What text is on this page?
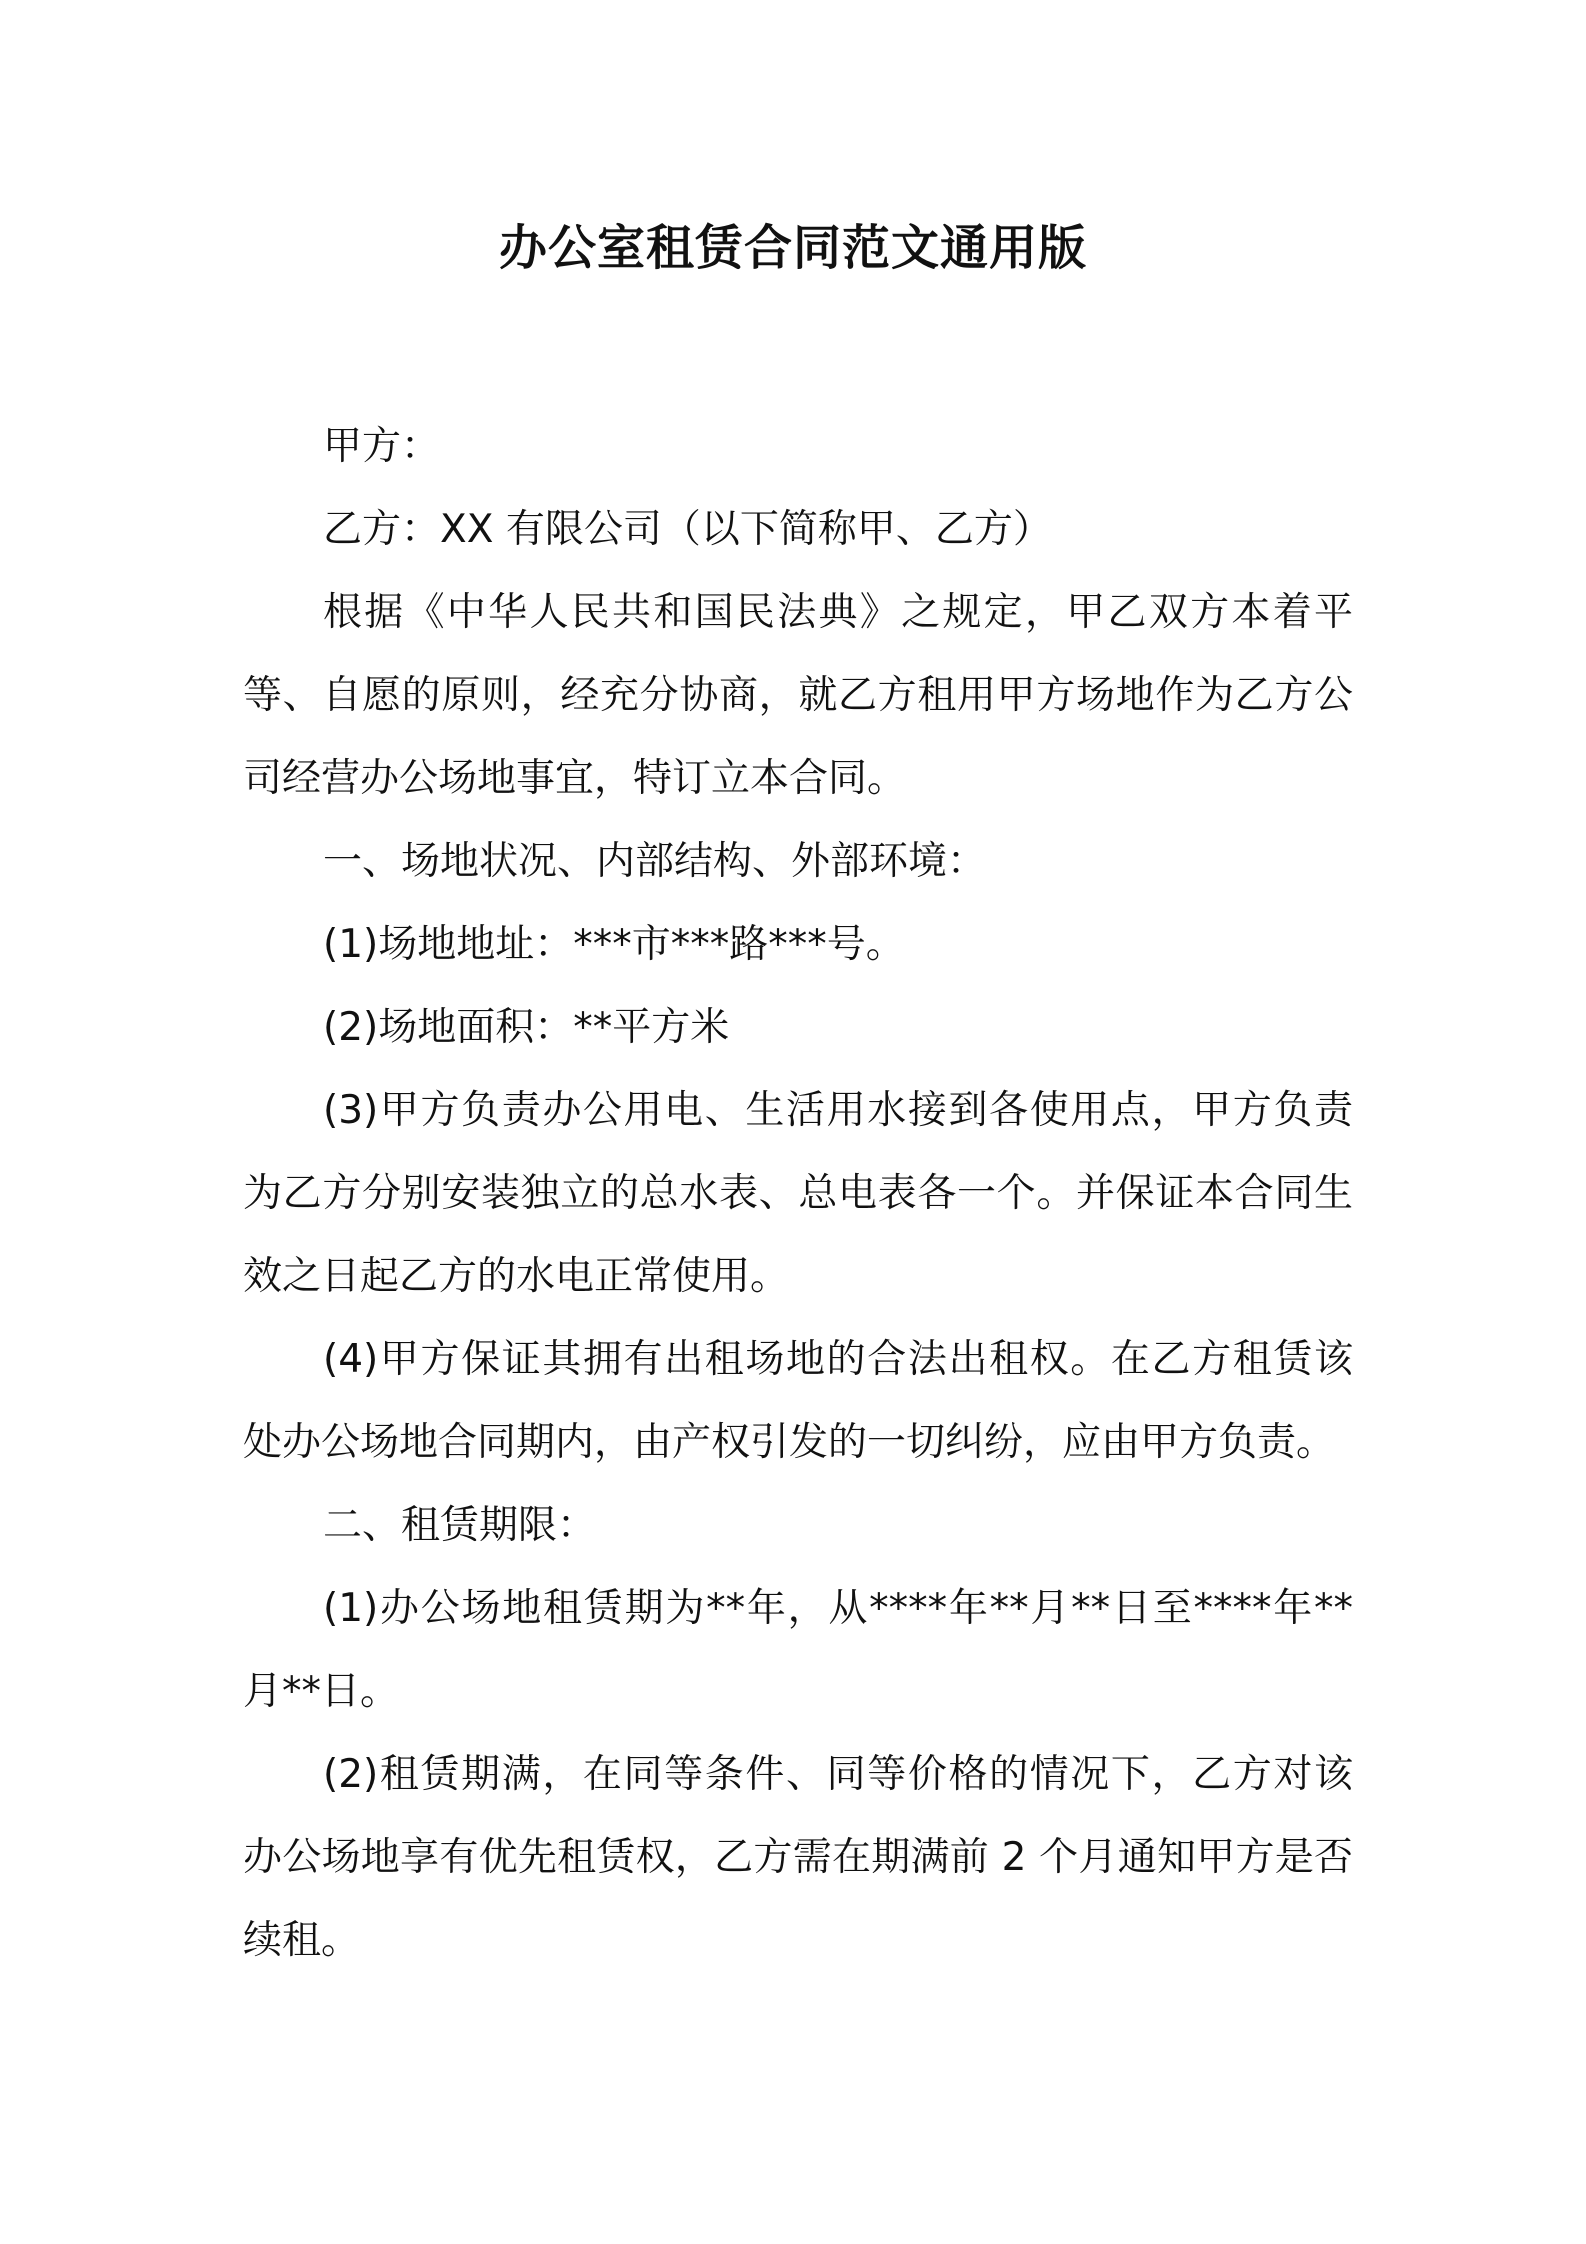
办公室租赁合同范文通用版

甲方：

乙方：XX 有限公司（以下简称甲、乙方）

根据《中华人民共和国民法典》之规定，甲乙双方本着平等、自愿的原则，经充分协商，就乙方租用甲方场地作为乙方公司经营办公场地事宜，特订立本合同。

一、场地状况、内部结构、外部环境：

(1)场地地址：***市***路***号。

(2)场地面积：**平方米

(3)甲方负责办公用电、生活用水接到各使用点，甲方负责为乙方分别安装独立的总水表、总电表各一个。并保证本合同生效之日起乙方的水电正常使用。

(4)甲方保证其拥有出租场地的合法出租权。在乙方租赁该处办公场地合同期内，由产权引发的一切纠纷，应由甲方负责。

二、租赁期限：

(1)办公场地租赁期为**年，从****年**月**日至****年**月**日。

(2)租赁期满，在同等条件、同等价格的情况下，乙方对该办公场地享有优先租赁权，乙方需在期满前 2 个月通知甲方是否续租。
